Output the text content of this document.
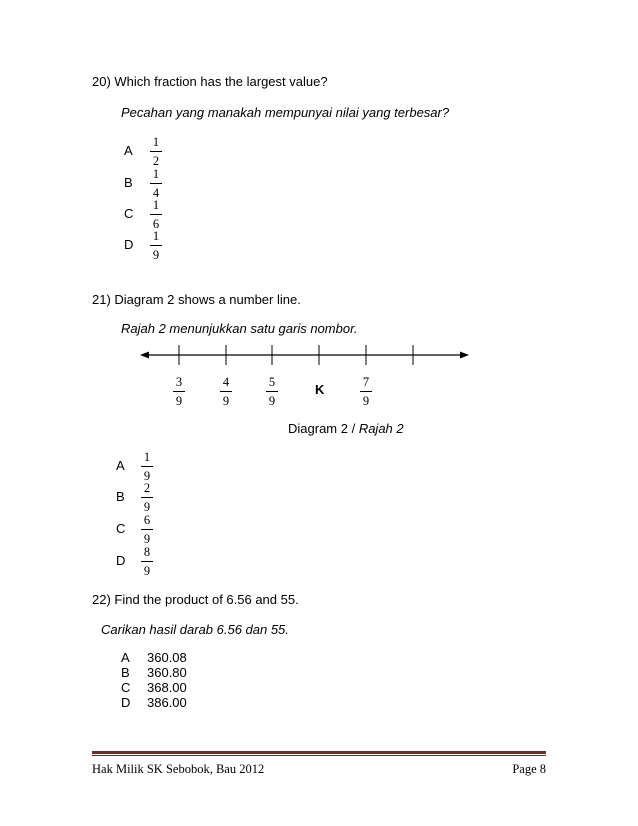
20) Which fraction has the largest value?
Pecahan yang manakah mempunyai nilai yang terbesar?
A
1
2
B
1
4
C
1
6
D
1
9
21) Diagram 2 shows a number line.
Rajah 2 menunjukkan satu garis nombor.
3
9
4
9
5
9
K	7
9
Diagram 2 / Rajah 2
A
1
9
B
2
9
C
6
9
D
8
9
22) Find the product of 6.56 and 55.
Carikan hasil darab 6.56 dan 55.
A 360.08
B 360.80
C 368.00
D 386.00
Hak Milik SK Sebobok, Bau 2012	Page 8
